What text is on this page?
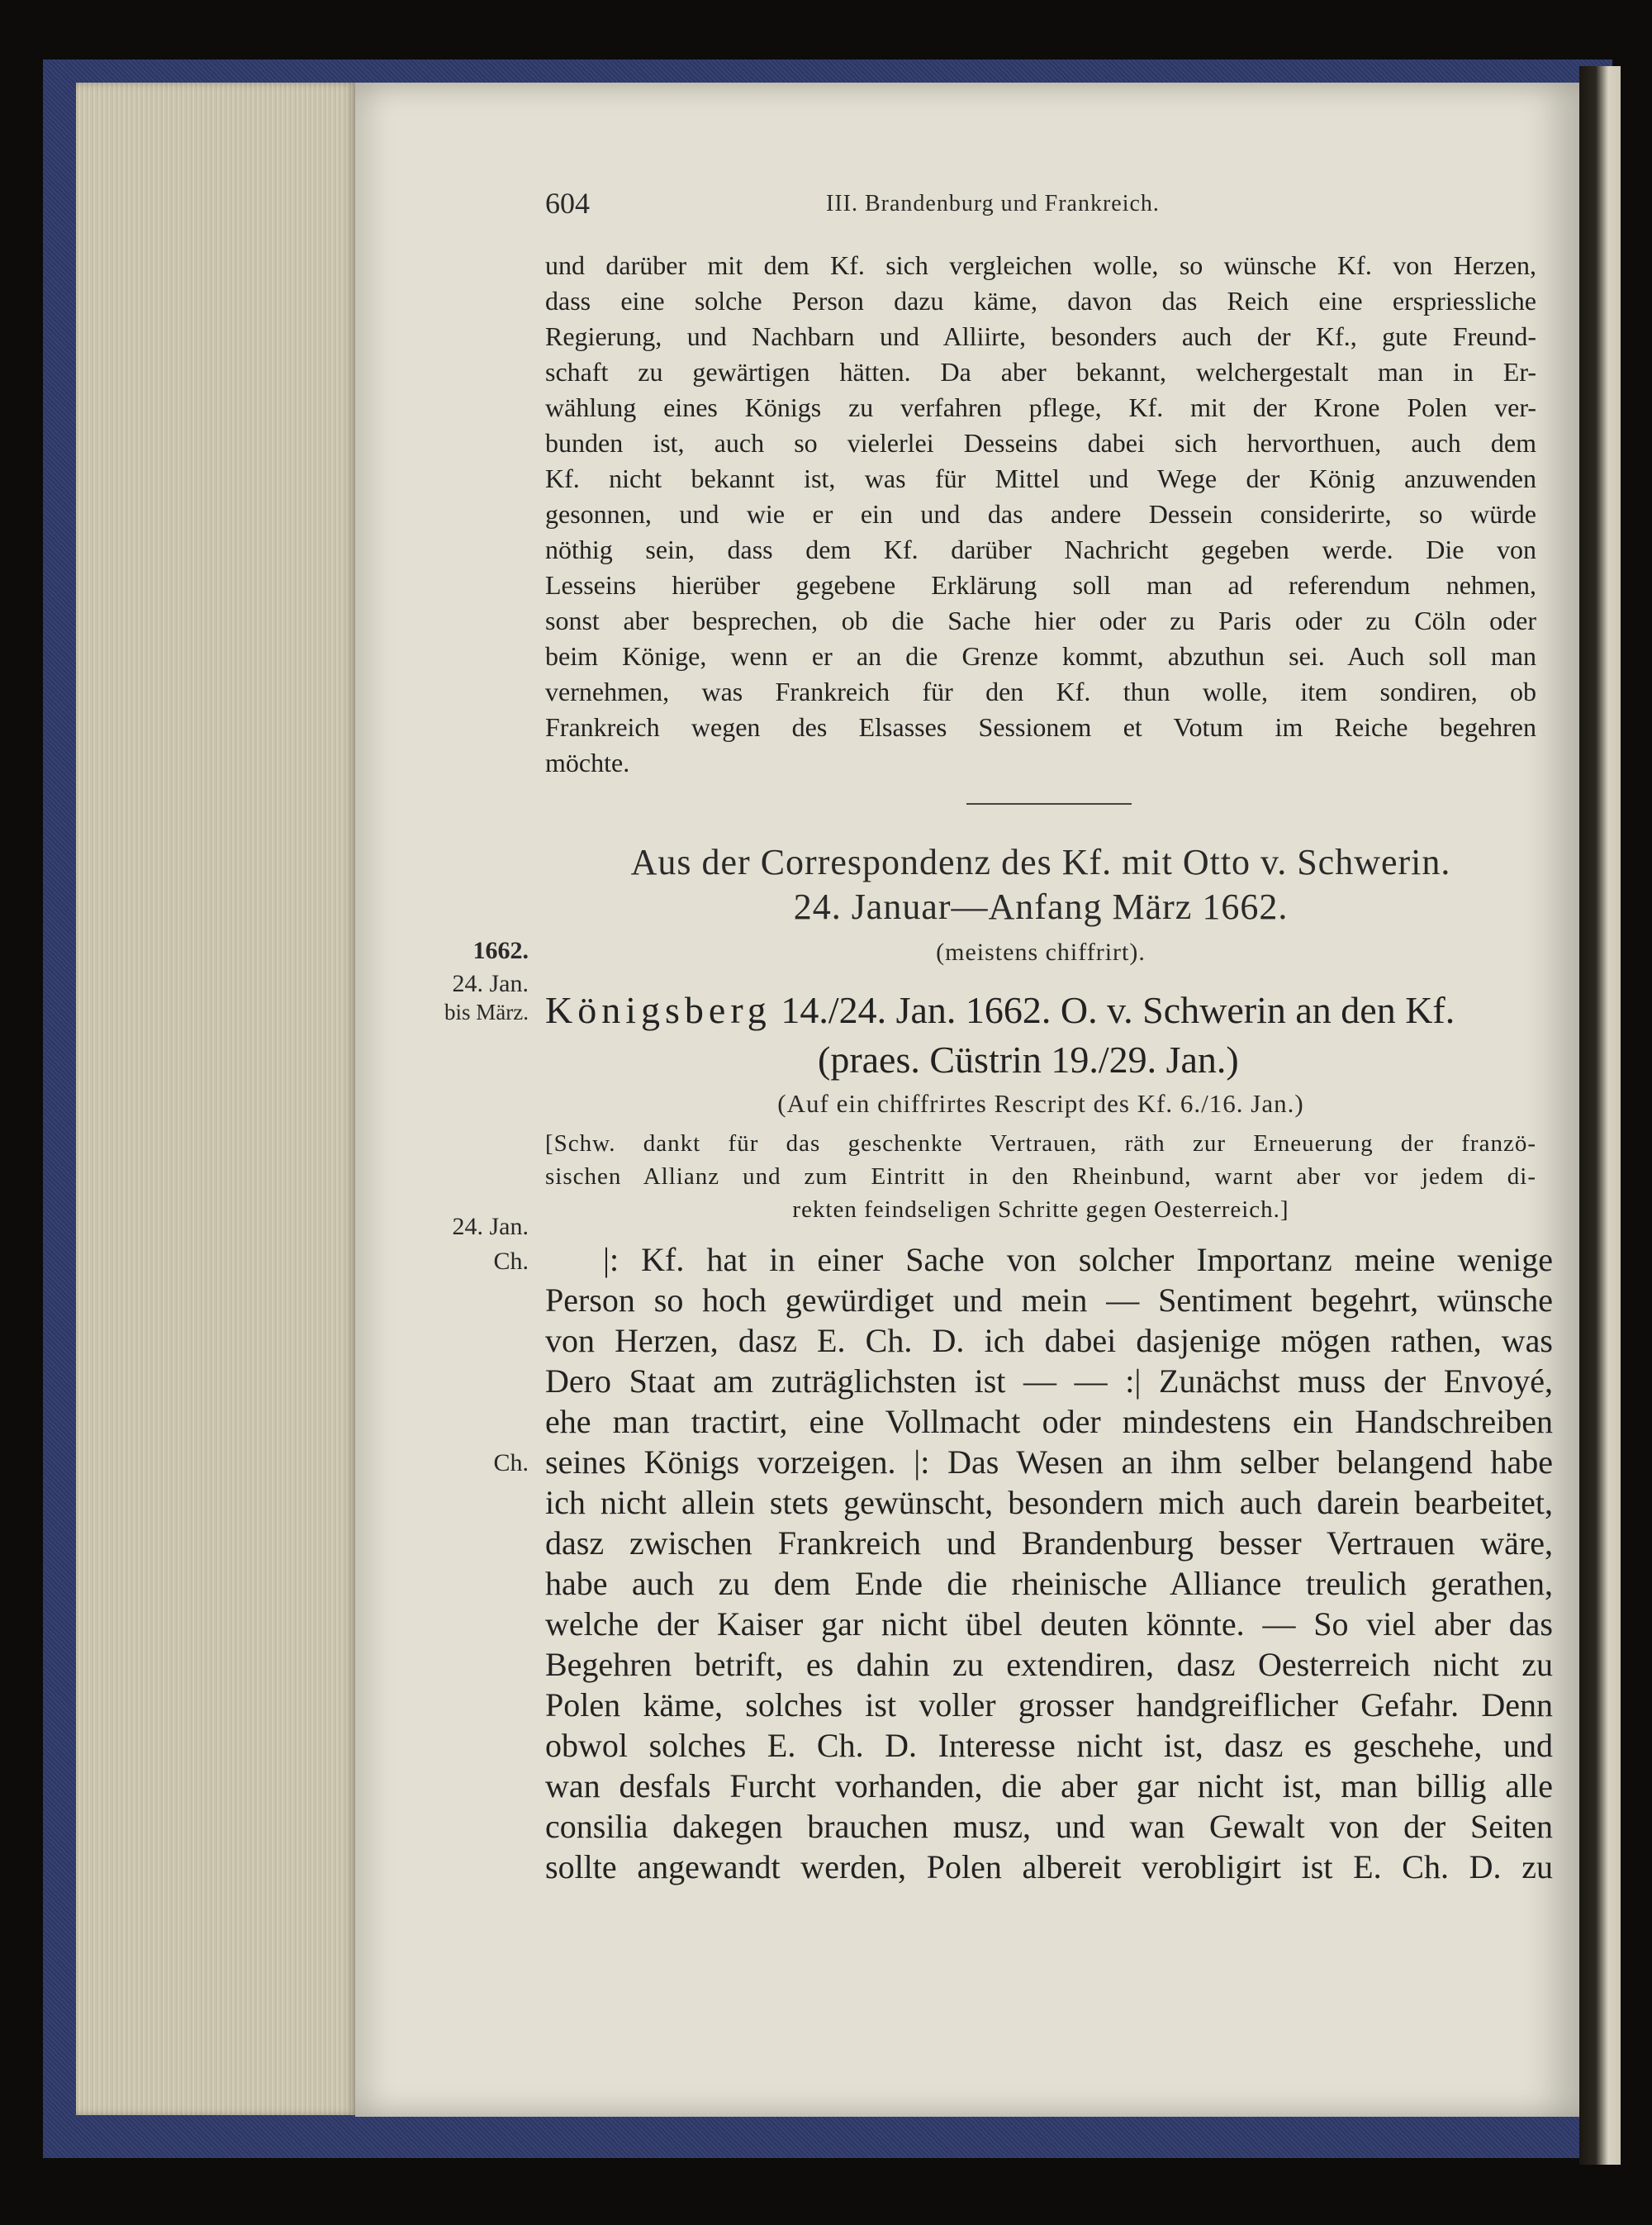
604	III. Brandenburg und Frankreich.
und darüber mit dem Kf. sich vergleichen wolle, so wünsche Kf. von Herzen,
dass eine solche Person dazu käme, davon das Reich eine erspriessliche
Regierung, und Nachbarn und Alliirte, besonders auch der Kf., gute Freund-
schaft zu gewärtigen hätten. Da aber bekannt, welchergestalt man in Er-
wählung eines Königs zu verfahren pflege, Kf. mit der Krone Polen ver-
bunden ist, auch so vielerlei Desseins dabei sich hervorthuen, auch dem
Kf. nicht bekannt ist, was für Mittel und Wege der König anzuwenden
gesonnen, und wie er ein und das andere Dessein considerirte, so würde
nöthig sein, dass dem Kf. darüber Nachricht gegeben werde. Die von
Lesseins hierüber gegebene Erklärung soll man ad referendum nehmen,
sonst aber besprechen, ob die Sache hier oder zu Paris oder zu Cöln oder
beim Könige, wenn er an die Grenze kommt, abzuthun sei. Auch soll man
vernehmen, was Frankreich für den Kf. thun wolle, item sondiren, ob
Frankreich wegen des Elsasses Sessionem et Votum im Reiche begehren
möchte.
Aus der Correspondenz des Kf. mit Otto v. Schwerin.
24. Januar—Anfang März 1662.
(meistens chiffrirt).
1662.
24. Jan.
bis März. Königsberg 14./24. Jan. 1662. O. v. Schwerin an den Kf.
(praes. Cüstrin 19./29. Jan.)
(Auf ein chiffrirtes Rescript des Kf. 6./16. Jan.)
[Schw. dankt für das geschenkte Vertrauen, räth zur Erneuerung der franzö-
sischen Allianz und zum Eintritt in den Rheinbund, warnt aber vor jedem di-
rekten feindseligen Schritte gegen Oesterreich.]
24. Jan.
Ch.
Ch.
|: Kf. hat in einer Sache von solcher Importanz meine wenige
Person so hoch gewürdiget und mein — Sentiment begehrt, wünsche
von Herzen, dasz E. Ch. D. ich dabei dasjenige mögen rathen, was
Dero Staat am zuträglichsten ist — — :| Zunächst muss der Envoyé,
ehe man tractirt, eine Vollmacht oder mindestens ein Handschreiben
seines Königs vorzeigen. |: Das Wesen an ihm selber belangend habe
ich nicht allein stets gewünscht, besondern mich auch darein bearbeitet,
dasz zwischen Frankreich und Brandenburg besser Vertrauen wäre,
habe auch zu dem Ende die rheinische Alliance treulich gerathen,
welche der Kaiser gar nicht übel deuten könnte. — So viel aber das
Begehren betrift, es dahin zu extendiren, dasz Oesterreich nicht zu
Polen käme, solches ist voller grosser handgreiflicher Gefahr. Denn
obwol solches E. Ch. D. Interesse nicht ist, dasz es geschehe, und
wan desfals Furcht vorhanden, die aber gar nicht ist, man billig alle
consilia dakegen brauchen musz, und wan Gewalt von der Seiten
sollte angewandt werden, Polen albereit verobligirt ist E. Ch. D. zu
